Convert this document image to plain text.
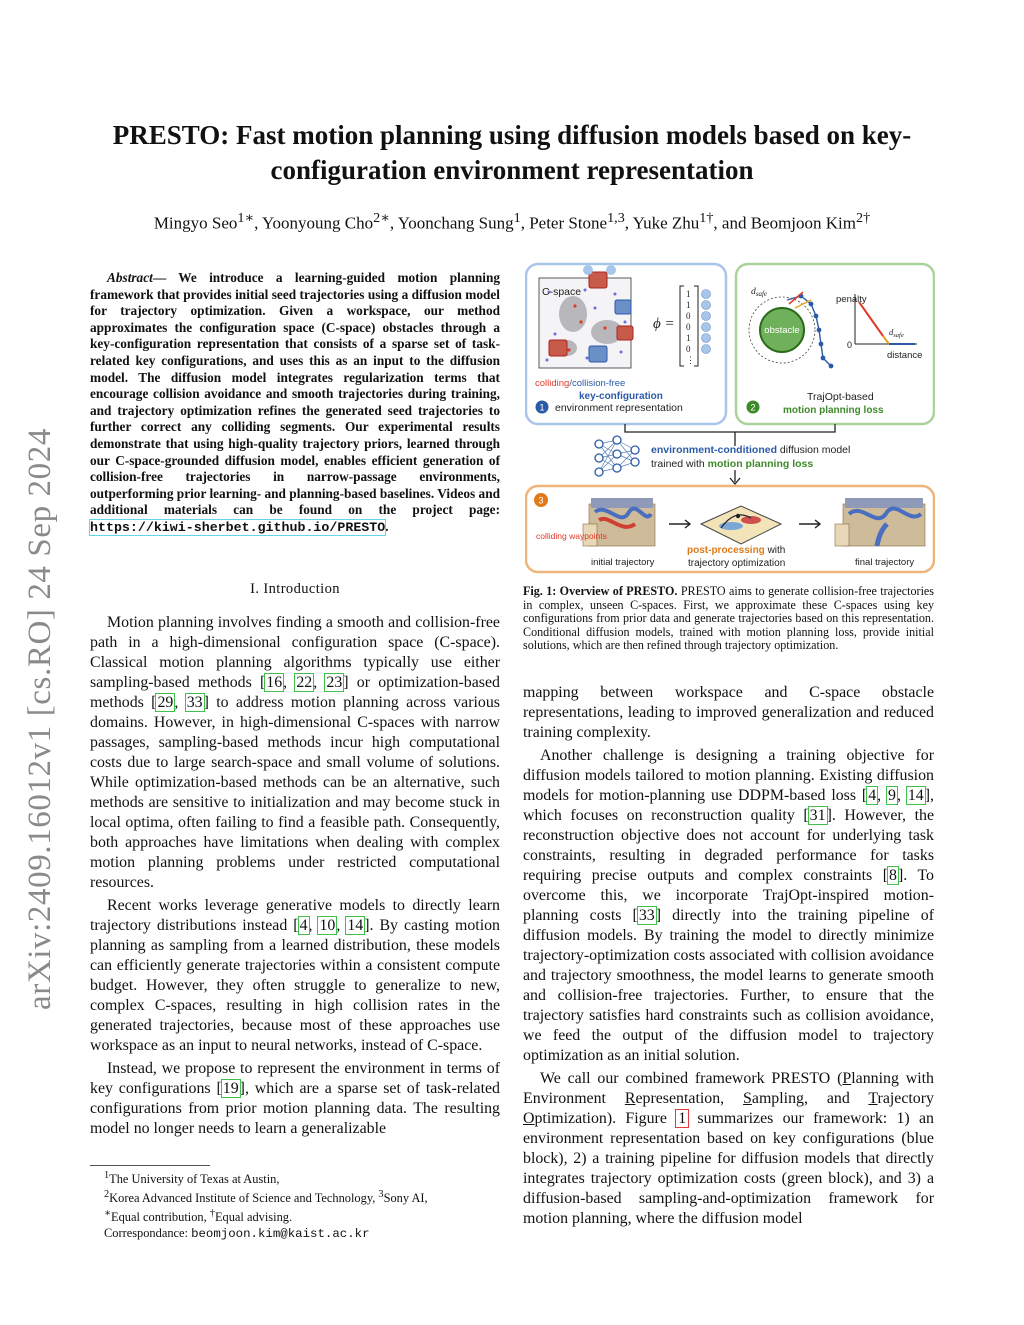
arXiv:2409.16012v1 [cs.RO] 24 Sep 2024
PRESTO: Fast motion planning using diffusion models based on key-configuration environment representation
Mingyo Seo$^{1∗}$, Yoonyoung Cho$^{2∗}$, Yoonchang Sung$^1$, Peter Stone$^{1,3}$, Yuke Zhu$^{1\dagger}$, and Beomjoon Kim$^{2\dagger}$

Abstract— We introduce a learning-guided motion planning framework that provides initial seed trajectories using a diffusion model for trajectory optimization. Given a workspace, our method approximates the configuration space (C-space) obstacles through a key-configuration representation that consists of a sparse set of task-related key configurations, and uses this as an input to the diffusion model. The diffusion model integrates regularization terms that encourage collision avoidance and smooth trajectories during training, and trajectory optimization refines the generated seed trajectories to further correct any colliding segments. Our experimental results demonstrate that using high-quality trajectory priors, learned through our C-space-grounded diffusion model, enables efficient generation of collision-free trajectories in narrow-passage environments, outperforming prior learning- and planning-based baselines. Videos and additional materials can be found on the project page: https://kiwi-sherbet.github.io/PRESTO.

I. Introduction

Motion planning involves finding a smooth and collision-free path in a high-dimensional configuration space (C-space). Classical motion planning algorithms typically use either sampling-based methods [16, 22, 23] or optimization-based methods [29, 33] to address motion planning across various domains. However, in high-dimensional C-spaces with narrow passages, sampling-based methods incur high computational costs due to large search-space and small volume of solutions. While optimization-based methods can be an alternative, such methods are sensitive to initialization and may become stuck in local optima, often failing to find a feasible path. Consequently, both approaches have limitations when dealing with complex motion planning problems under restricted computational resources.

Recent works leverage generative models to directly learn trajectory distributions instead [4, 10, 14]. By casting motion planning as sampling from a learned distribution, these models can efficiently generate trajectories within a consistent compute budget. However, they often struggle to generalize to new, complex C-spaces, resulting in high collision rates in the generated trajectories, because most of these approaches use workspace as an input to neural networks, instead of C-space.

Instead, we propose to represent the environment in terms of key configurations [19], which are a sparse set of task-related configurations from prior motion planning data. The resulting model no longer needs to learn a generalizable

$^1$The University of Texas at Austin,
$^2$Korea Advanced Institute of Science and Technology, $^3$Sony AI,
∗Equal contribution, †Equal advising.
Correspondance: beomjoon.kim@kaist.ac.kr
C-space
ϕ =
1
1
0
0
1
0
⋮
colliding/collision-free
key-configuration
1 environment representation
obstacle
$d_{safe}$	penalty
$d_{safe}$
0
distance
TrajOpt-based
2	motion planning loss
environment-conditioned diffusion model
trained with motion planning loss
3
colliding waypoints
initial trajectory
post-processing with
trajectory optimization	final trajectory
Fig. 1: Overview of PRESTO. PRESTO aims to generate collision-free trajectories in complex, unseen C-spaces. First, we approximate these C-spaces using key configurations from prior data and generate trajectories based on this representation. Conditional diffusion models, trained with motion planning loss, provide initial solutions, which are then refined through trajectory optimization.

mapping between workspace and C-space obstacle representations, leading to improved generalization and reduced training complexity.

Another challenge is designing a training objective for diffusion models tailored to motion planning. Existing diffusion models for motion-planning use DDPM-based loss [4, 9, 14], which focuses on reconstruction quality [31]. However, the reconstruction objective does not account for underlying task constraints, resulting in degraded performance for tasks requiring precise outputs and complex constraints [8]. To overcome this, we incorporate TrajOpt-inspired motion-planning costs [33] directly into the training pipeline of diffusion models. By training the model to directly minimize trajectory-optimization costs associated with collision avoidance and trajectory smoothness, the model learns to generate smooth and collision-free trajectories. Further, to ensure that the trajectory satisfies hard constraints such as collision avoidance, we feed the output of the diffusion model to trajectory optimization as an initial solution.

We call our combined framework PRESTO (Planning with Environment Representation, Sampling, and Trajectory Optimization). Figure 1 summarizes our framework: 1) an environment representation based on key configurations (blue block), 2) a training pipeline for diffusion models that directly integrates trajectory optimization costs (green block), and 3) a diffusion-based sampling-and-optimization framework for motion planning, where the diffusion model
